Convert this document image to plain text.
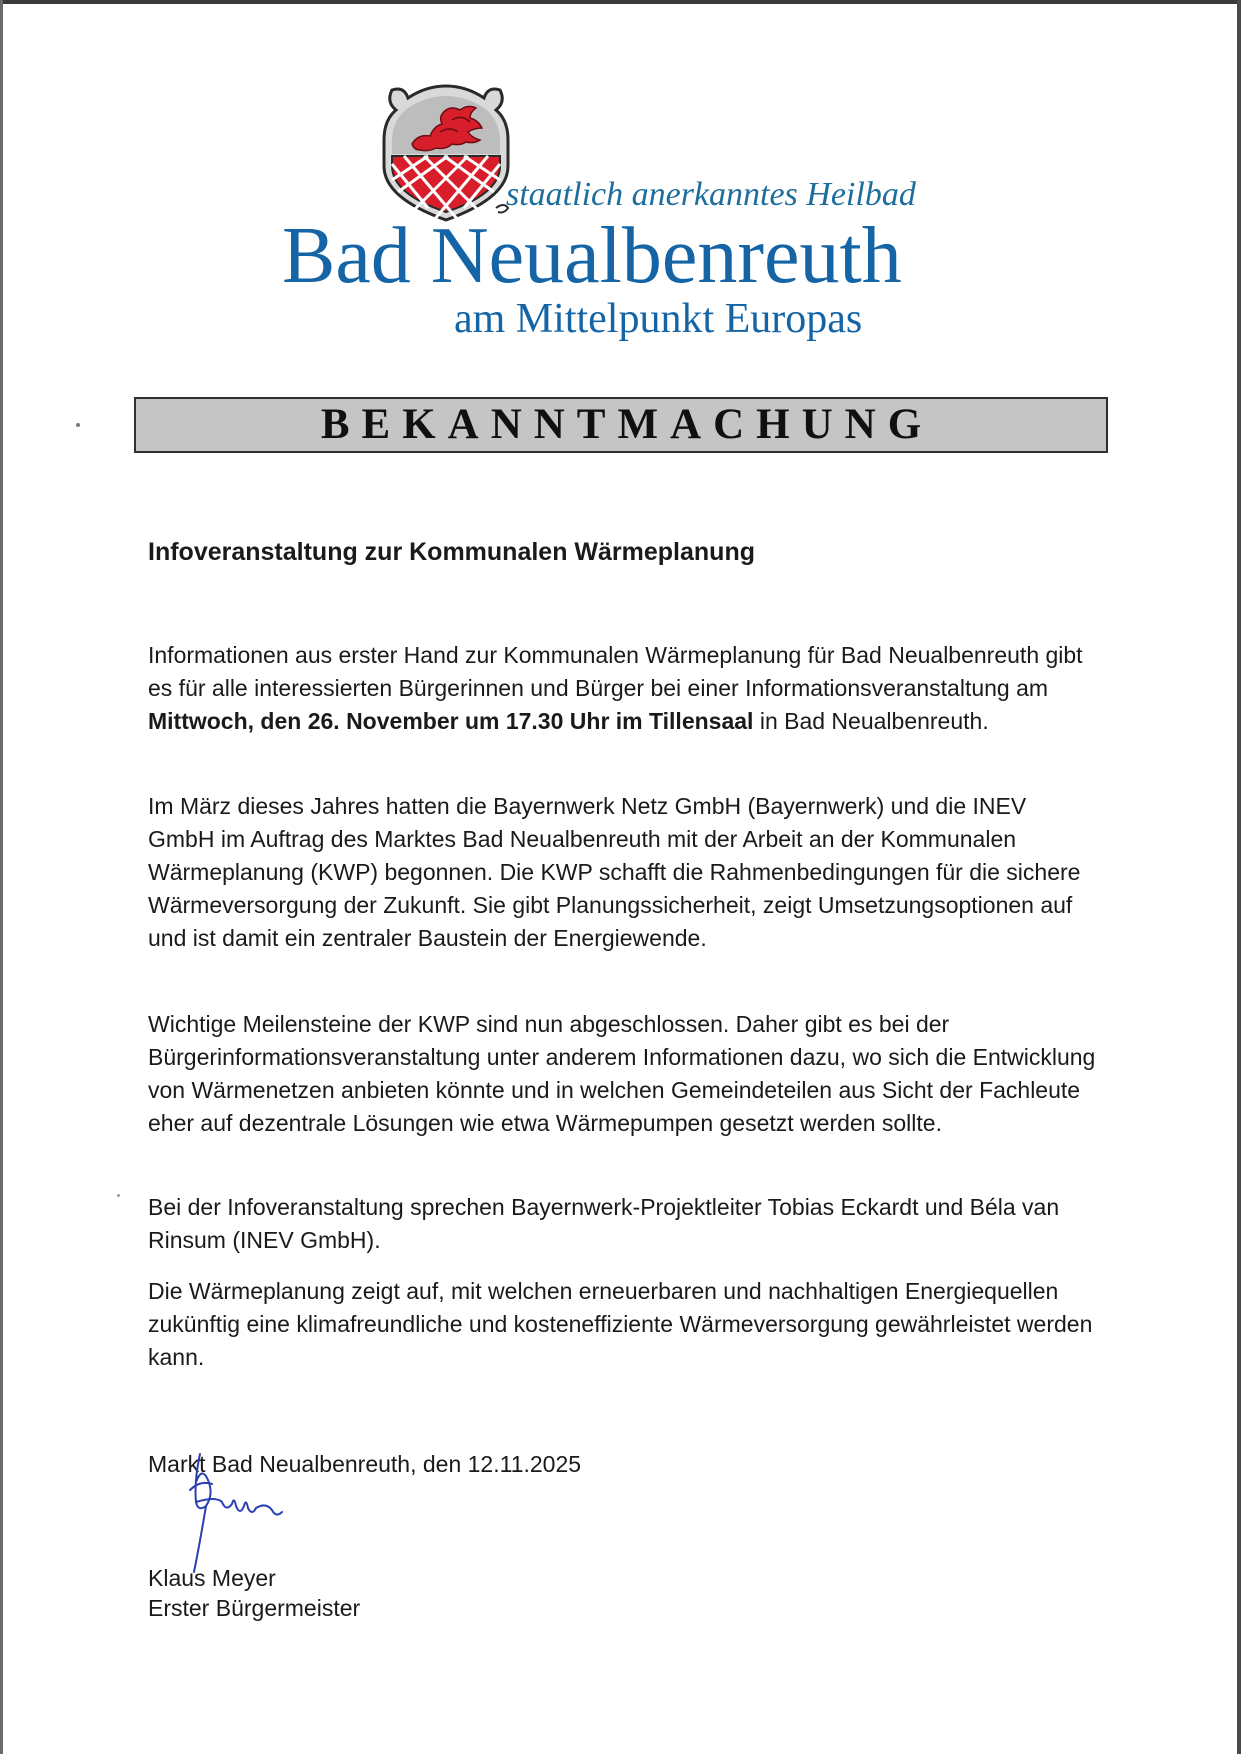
staatlich anerkanntes Heilbad
Bad Neualbenreuth
am Mittelpunkt Europas
BEKANNTMACHUNG
Infoveranstaltung zur Kommunalen Wärmeplanung

Informationen aus erster Hand zur Kommunalen Wärmeplanung für Bad Neualbenreuth gibt es für alle interessierten Bürgerinnen und Bürger bei einer Informationsveranstaltung am Mittwoch, den 26. November um 17.30 Uhr im Tillensaal in Bad Neualbenreuth.

Im März dieses Jahres hatten die Bayernwerk Netz GmbH (Bayernwerk) und die INEV GmbH im Auftrag des Marktes Bad Neualbenreuth mit der Arbeit an der Kommunalen Wärmeplanung (KWP) begonnen. Die KWP schafft die Rahmenbedingungen für die sichere Wärmeversorgung der Zukunft. Sie gibt Planungssicherheit, zeigt Umsetzungsoptionen auf und ist damit ein zentraler Baustein der Energiewende.

Wichtige Meilensteine der KWP sind nun abgeschlossen. Daher gibt es bei der Bürgerinformationsveranstaltung unter anderem Informationen dazu, wo sich die Entwicklung von Wärmenetzen anbieten könnte und in welchen Gemeindeteilen aus Sicht der Fachleute eher auf dezentrale Lösungen wie etwa Wärmepumpen gesetzt werden sollte.

Bei der Infoveranstaltung sprechen Bayernwerk-Projektleiter Tobias Eckardt und Béla van Rinsum (INEV GmbH).

Die Wärmeplanung zeigt auf, mit welchen erneuerbaren und nachhaltigen Energiequellen zukünftig eine klimafreundliche und kosteneffiziente Wärmeversorgung gewährleistet werden kann.

Markt Bad Neualbenreuth, den 12.11.2025
Klaus Meyer
Erster Bürgermeister
